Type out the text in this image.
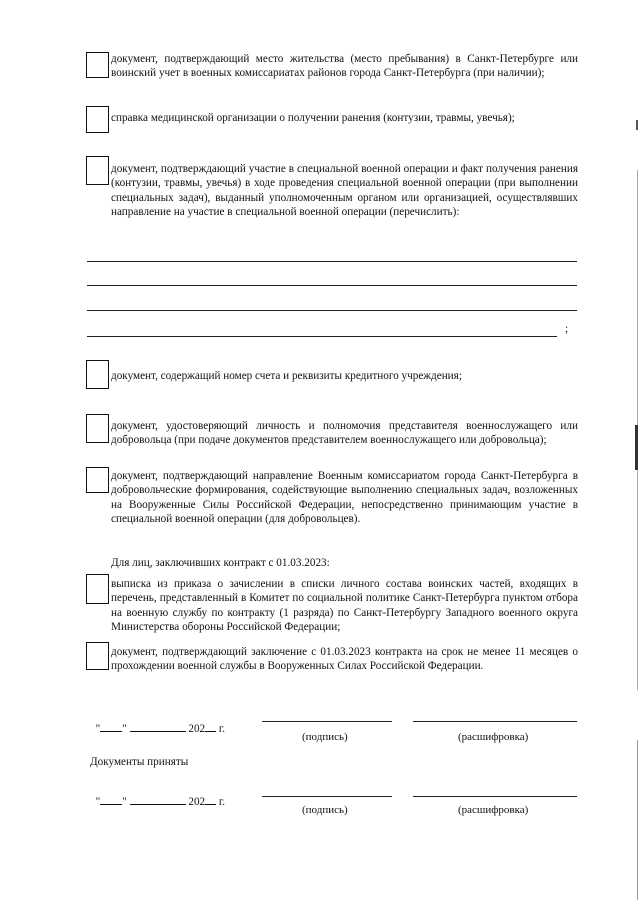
документ, подтверждающий место жительства (место пребывания) в Санкт-Петербурге или воинский учет в военных комиссариатах районов города Санкт-Петербурга (при наличии);
справка медицинской организации о получении ранения (контузии, травмы, увечья);
документ, подтверждающий участие в специальной военной операции и факт получения ранения (контузии, травмы, увечья) в ходе проведения специальной военной операции (при выполнении специальных задач), выданный уполномоченным органом или организацией, осуществлявших направление на участие в специальной военной операции (перечислить):
;
документ, содержащий номер счета и реквизиты кредитного учреждения;
документ, удостоверяющий личность и полномочия представителя военнослужащего или добровольца (при подаче документов представителем военнослужащего или добровольца);
документ, подтверждающий направление Военным комиссариатом города Санкт-Петербурга в добровольческие формирования, содействующие выполнению специальных задач, возложенных на Вооруженные Силы Российской Федерации, непосредственно принимающим участие в специальной военной операции (для добровольцев).
Для лиц, заключивших контракт с 01.03.2023:
выписка из приказа о зачислении в списки личного состава воинских частей, входящих в перечень, представленный в Комитет по социальной политике Санкт-Петербурга пунктом отбора на военную службу по контракту (1 разряда) по Санкт-Петербургу Западного военного округа Министерства обороны Российской Федерации;
документ, подтверждающий заключение с 01.03.2023 контракта на срок не менее 11 месяцев о прохождении военной службы в Вооруженных Силах Российской Федерации.

" "	202 г.

(подпись)	(расшифровка)
Документы приняты

" "	202 г.

(подпись)	(расшифровка)
